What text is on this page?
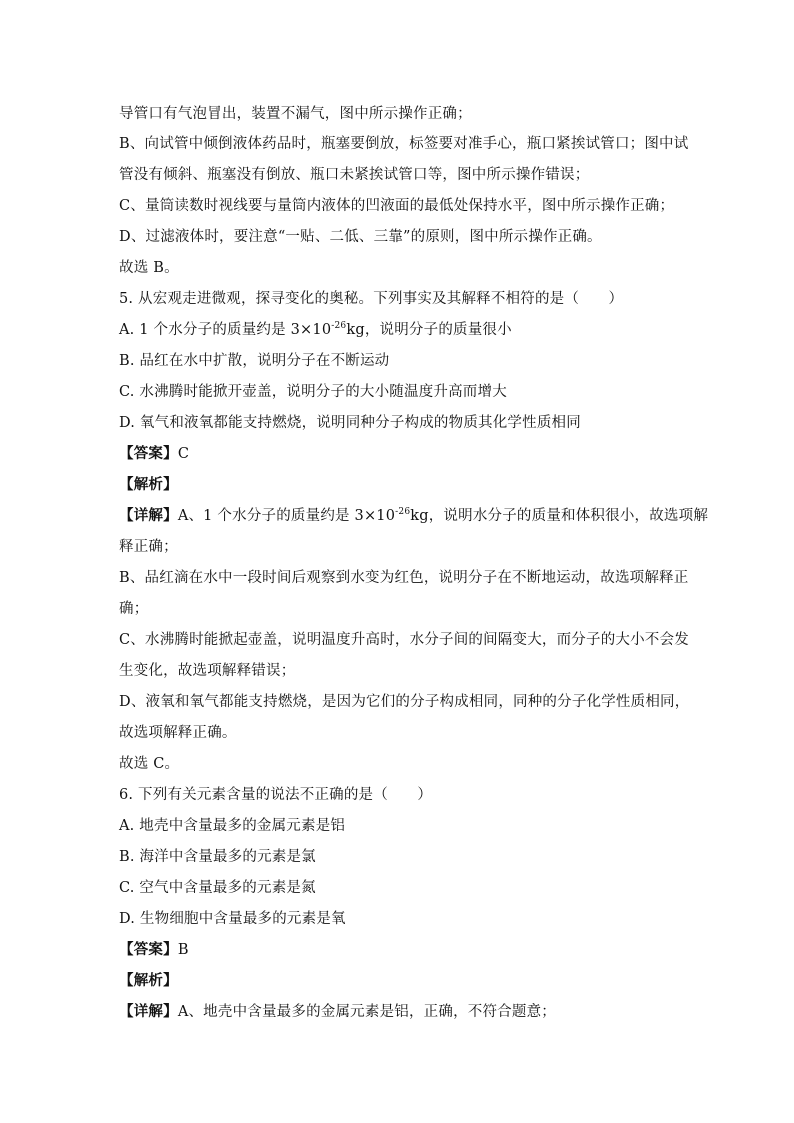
导管口有气泡冒出，装置不漏气，图中所示操作正确；
B、向试管中倾倒液体药品时，瓶塞要倒放，标签要对准手心，瓶口紧挨试管口；图中试
管没有倾斜、瓶塞没有倒放、瓶口未紧挨试管口等，图中所示操作错误；
C、量筒读数时视线要与量筒内液体的凹液面的最低处保持水平，图中所示操作正确；
D、过滤液体时，要注意“一贴、二低、三靠”的原则，图中所示操作正确。
故选 B。
5. 从宏观走进微观，探寻变化的奥秘。下列事实及其解释不相符的是（　　）
A. 1 个水分子的质量约是 $3\times 10^{-26}kg$，说明分子的质量很小
B. 品红在水中扩散，说明分子在不断运动
C. 水沸腾时能掀开壶盖，说明分子的大小随温度升高而增大
D. 氧气和液氧都能支持燃烧，说明同种分子构成的物质其化学性质相同
【答案】C
【解析】
【详解】A、1 个水分子的质量约是 $3\times 10^{-26}kg$，说明水分子的质量和体积很小，故选项解
释正确；
B、品红滴在水中一段时间后观察到水变为红色，说明分子在不断地运动，故选项解释正
确；
C、水沸腾时能掀起壶盖，说明温度升高时，水分子间的间隔变大，而分子的大小不会发
生变化，故选项解释错误；
D、液氧和氧气都能支持燃烧，是因为它们的分子构成相同，同种的分子化学性质相同，
故选项解释正确。
故选 C。
6. 下列有关元素含量的说法不正确的是（　　）
A. 地壳中含量最多的金属元素是铝
B. 海洋中含量最多的元素是氯
C. 空气中含量最多的元素是氮
D. 生物细胞中含量最多的元素是氧
【答案】B
【解析】
【详解】A、地壳中含量最多的金属元素是铝，正确，不符合题意；
